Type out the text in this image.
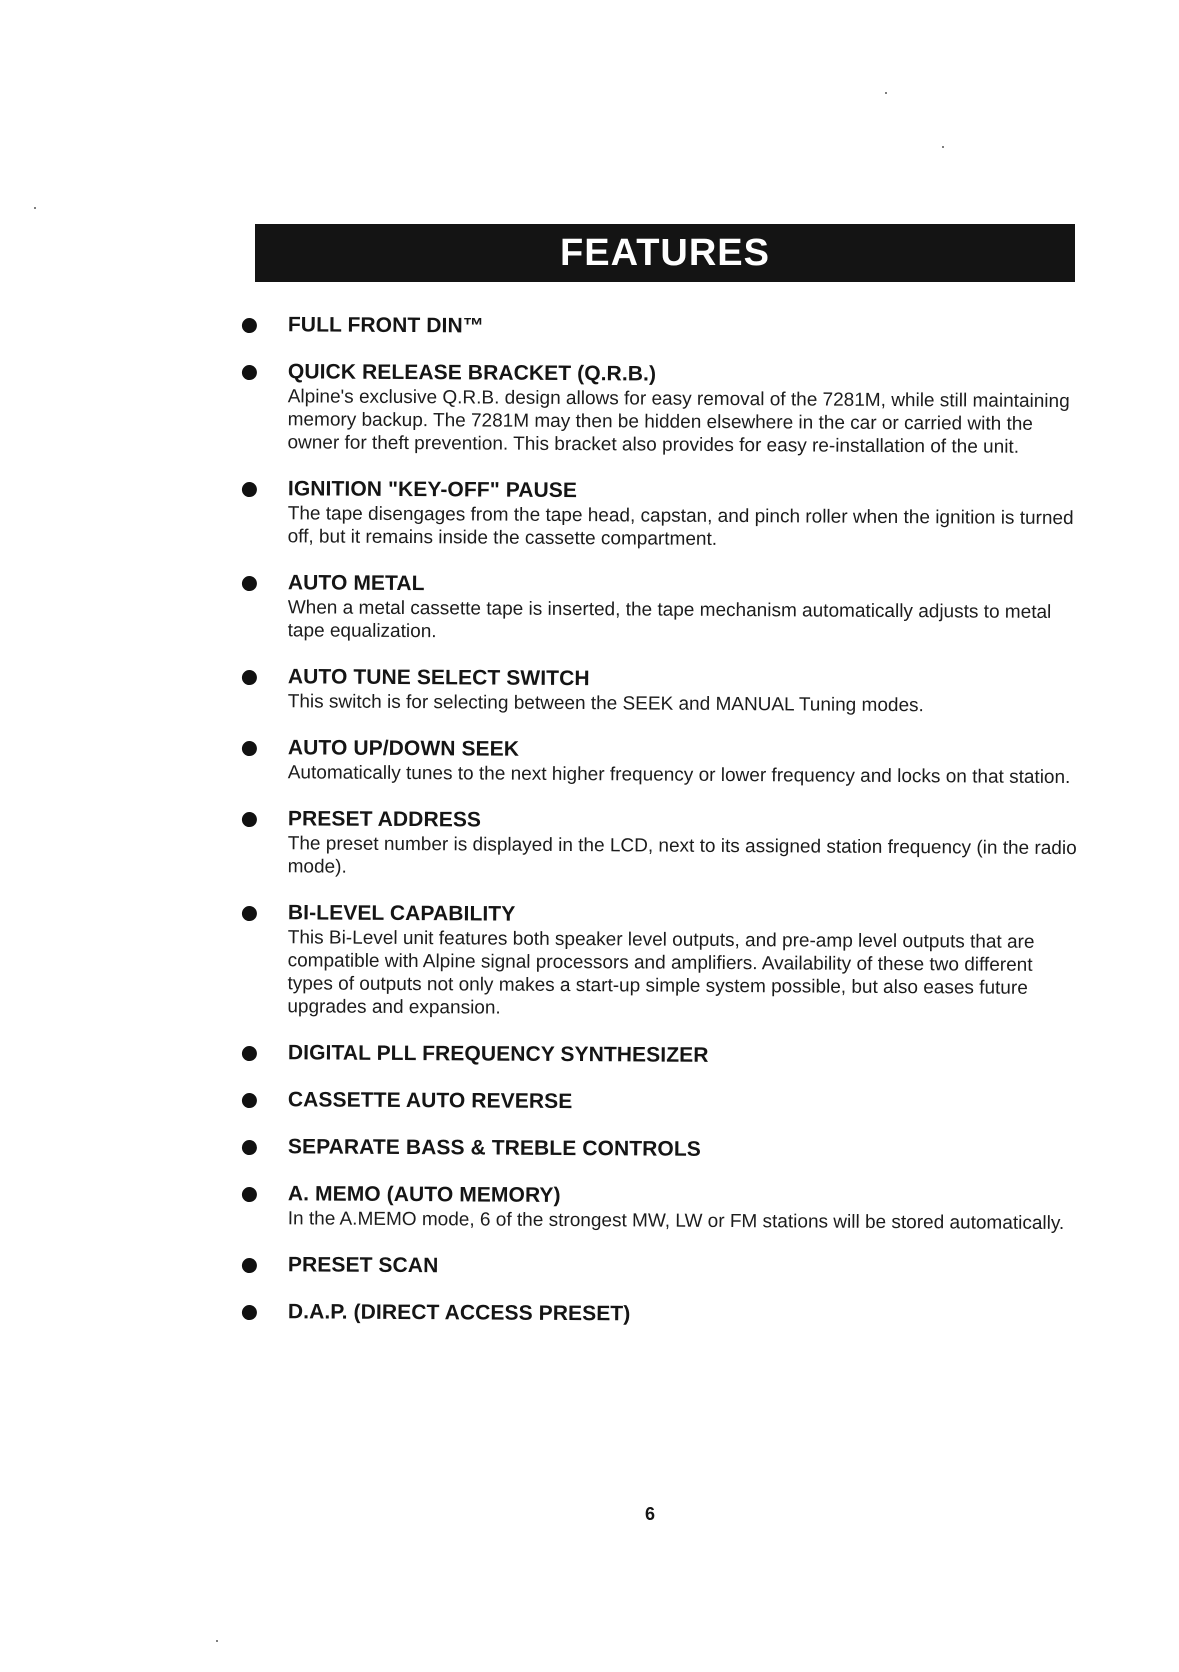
FEATURES
FULL FRONT DIN™
QUICK RELEASE BRACKET (Q.R.B.)
Alpine's exclusive Q.R.B. design allows for easy removal of the 7281M, while still maintaining memory backup. The 7281M may then be hidden elsewhere in the car or carried with the owner for theft prevention. This bracket also provides for easy re-installation of the unit.
IGNITION "KEY-OFF" PAUSE
The tape disengages from the tape head, capstan, and pinch roller when the ignition is turned off, but it remains inside the cassette compartment.
AUTO METAL
When a metal cassette tape is inserted, the tape mechanism automatically adjusts to metal tape equalization.
AUTO TUNE SELECT SWITCH
This switch is for selecting between the SEEK and MANUAL Tuning modes.
AUTO UP/DOWN SEEK
Automatically tunes to the next higher frequency or lower frequency and locks on that station.
PRESET ADDRESS
The preset number is displayed in the LCD, next to its assigned station frequency (in the radio mode).
BI-LEVEL CAPABILITY
This Bi-Level unit features both speaker level outputs, and pre-amp level outputs that are compatible with Alpine signal processors and amplifiers. Availability of these two different types of outputs not only makes a start-up simple system possible, but also eases future upgrades and expansion.
DIGITAL PLL FREQUENCY SYNTHESIZER
CASSETTE AUTO REVERSE
SEPARATE BASS & TREBLE CONTROLS
A. MEMO (AUTO MEMORY)
In the A.MEMO mode, 6 of the strongest MW, LW or FM stations will be stored automatically.
PRESET SCAN
D.A.P. (DIRECT ACCESS PRESET)
6
